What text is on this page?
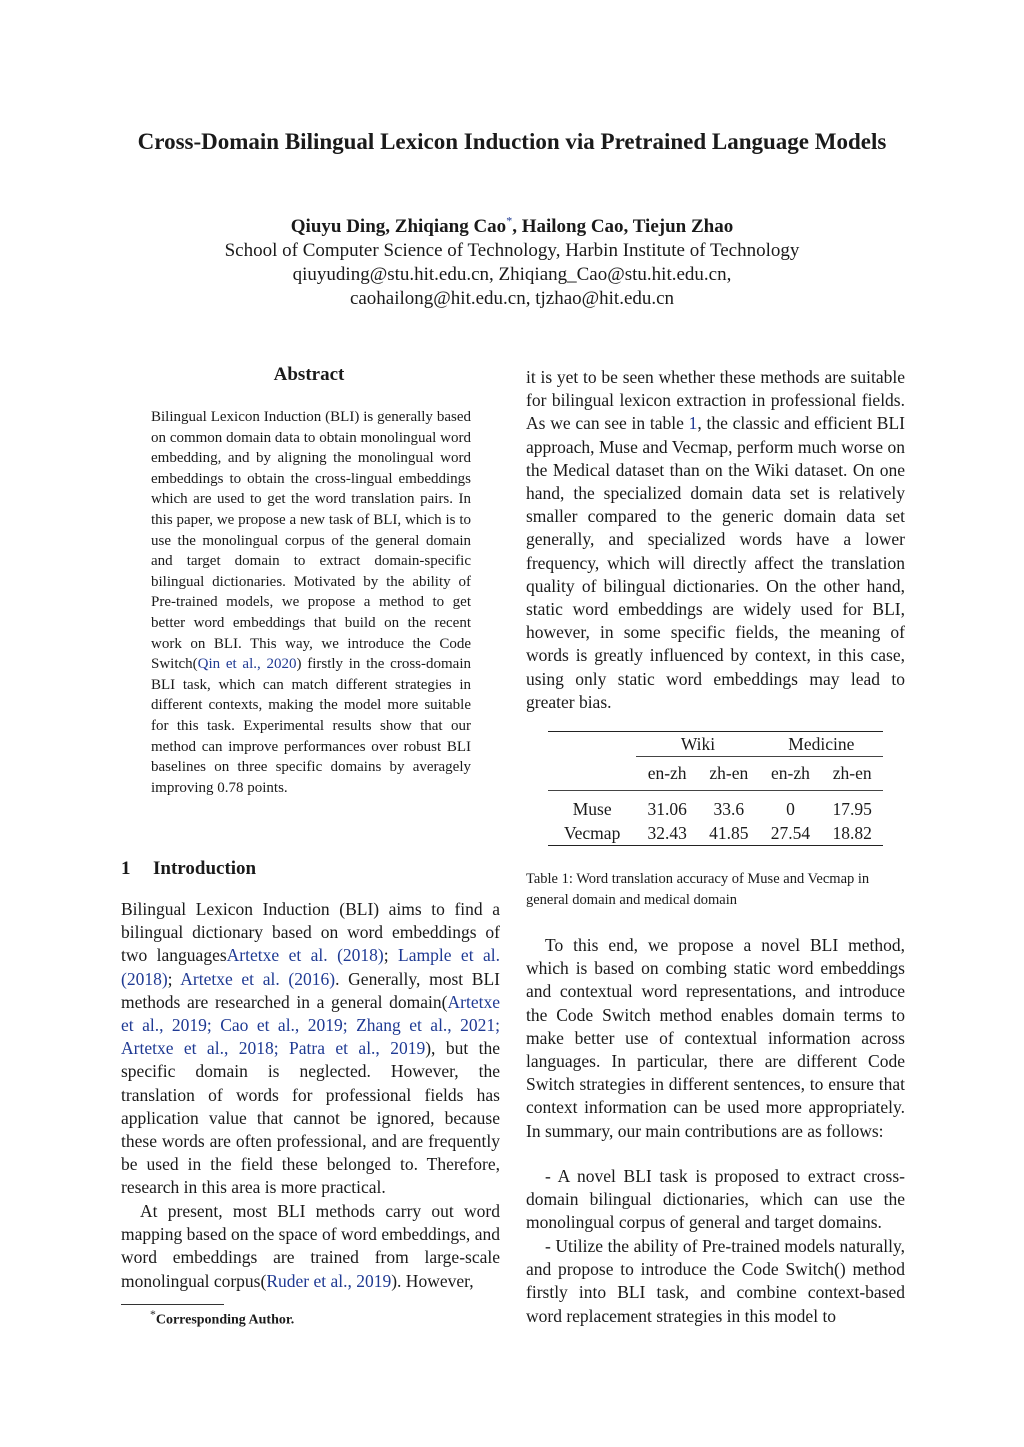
Cross-Domain Bilingual Lexicon Induction via Pretrained Language Models
Qiuyu Ding, Zhiqiang Cao*, Hailong Cao, Tiejun Zhao
School of Computer Science of Technology, Harbin Institute of Technology
qiuyuding@stu.hit.edu.cn, Zhiqiang_Cao@stu.hit.edu.cn,
caohailong@hit.edu.cn, tjzhao@hit.edu.cn
Abstract
Bilingual Lexicon Induction (BLI) is generally based on common domain data to obtain monolingual word embedding, and by aligning the monolingual word embeddings to obtain the cross-lingual embeddings which are used to get the word translation pairs. In this paper, we propose a new task of BLI, which is to use the monolingual corpus of the general domain and target domain to extract domain-specific bilingual dictionaries. Motivated by the ability of Pre-trained models, we propose a method to get better word embeddings that build on the recent work on BLI. This way, we introduce the Code Switch(Qin et al., 2020) firstly in the cross-domain BLI task, which can match different strategies in different contexts, making the model more suitable for this task. Experimental results show that our method can improve performances over robust BLI baselines on three specific domains by averagely improving 0.78 points.
1 Introduction

Bilingual Lexicon Induction (BLI) aims to find a bilingual dictionary based on word embeddings of two languagesArtetxe et al. (2018); Lample et al. (2018); Artetxe et al. (2016). Generally, most BLI methods are researched in a general domain(Artetxe et al., 2019; Cao et al., 2019; Zhang et al., 2021; Artetxe et al., 2018; Patra et al., 2019), but the specific domain is neglected. However, the translation of words for professional fields has application value that cannot be ignored, because these words are often professional, and are frequently be used in the field these belonged to. Therefore, research in this area is more practical.

At present, most BLI methods carry out word mapping based on the space of word embeddings, and word embeddings are trained from large-scale monolingual corpus(Ruder et al., 2019). However,

it is yet to be seen whether these methods are suitable for bilingual lexicon extraction in professional fields. As we can see in table 1, the classic and efficient BLI approach, Muse and Vecmap, perform much worse on the Medical dataset than on the Wiki dataset. On one hand, the specialized domain data set is relatively smaller compared to the generic domain data set generally, and specialized words have a lower frequency, which will directly affect the translation quality of bilingual dictionaries. On the other hand, static word embeddings are widely used for BLI, however, in some specific fields, the meaning of words is greatly influenced by context, in this case, using only static word embeddings may lead to greater bias.

	Wiki		Medicine	
	en-zh	zh-en	en-zh	zh-en
Muse	31.06	33.6	0	17.95
Vecmap	32.43	41.85	27.54	18.82
Table 1: Word translation accuracy of Muse and Vecmap in general domain and medical domain

To this end, we propose a novel BLI method, which is based on combing static word embeddings and contextual word representations, and introduce the Code Switch method enables domain terms to make better use of contextual information across languages. In particular, there are different Code Switch strategies in different sentences, to ensure that context information can be used more appropriately. In summary, our main contributions are as follows:

- A novel BLI task is proposed to extract cross-domain bilingual dictionaries, which can use the monolingual corpus of general and target domains.

- Utilize the ability of Pre-trained models naturally, and propose to introduce the Code Switch() method firstly into BLI task, and combine context-based word replacement strategies in this model to

*Corresponding Author.
